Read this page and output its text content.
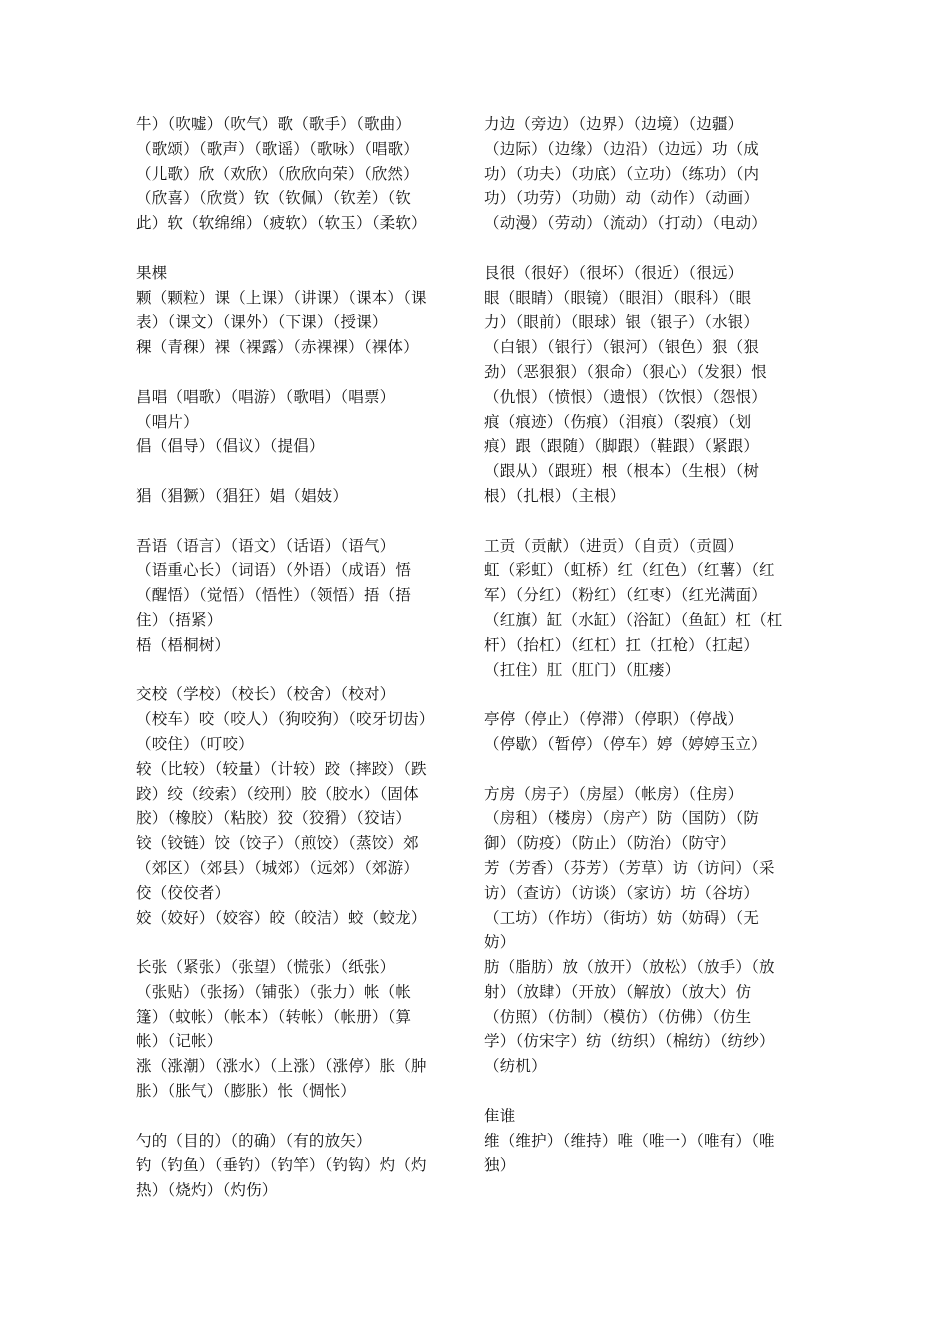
牛）（吹嘘）（吹气）歌（歌手）（歌曲）
（歌颂）（歌声）（歌谣）（歌咏）（唱歌）
（儿歌）欣（欢欣）（欣欣向荣）（欣然）
（欣喜）（欣赏）钦（钦佩）（钦差）（钦
此）软（软绵绵）（疲软）（软玉）（柔软）
果棵
颗（颗粒）课（上课）（讲课）（课本）（课
表）（课文）（课外）（下课）（授课）
稞（青稞）裸（裸露）（赤裸裸）（裸体）
昌唱（唱歌）（唱游）（歌唱）（唱票）
（唱片）
倡（倡导）（倡议）（提倡）
猖（猖獗）（猖狂）娼（娼妓）
吾语（语言）（语文）（话语）（语气）
（语重心长）（词语）（外语）（成语）悟
（醒悟）（觉悟）（悟性）（领悟）捂（捂
住）（捂紧）
梧（梧桐树）
交校（学校）（校长）（校舍）（校对）
（校车）咬（咬人）（狗咬狗）（咬牙切齿）
（咬住）（叮咬）
较（比较）（较量）（计较）跤（摔跤）（跌
跤）绞（绞索）（绞刑）胶（胶水）（固体
胶）（橡胶）（粘胶）狡（狡猾）（狡诘）
铰（铰链）饺（饺子）（煎饺）（蒸饺）郊
（郊区）（郊县）（城郊）（远郊）（郊游）
佼（佼佼者）
姣（姣好）（姣容）皎（皎洁）蛟（蛟龙）
长张（紧张）（张望）（慌张）（纸张）
（张贴）（张扬）（铺张）（张力）帐（帐
篷）（蚊帐）（帐本）（转帐）（帐册）（算
帐）（记帐）
涨（涨潮）（涨水）（上涨）（涨停）胀（肿
胀）（胀气）（膨胀）怅（惆怅）
勺的（目的）（的确）（有的放矢）
钓（钓鱼）（垂钓）（钓竿）（钓钩）灼（灼
热）（烧灼）（灼伤）
力边（旁边）（边界）（边境）（边疆）
（边际）（边缘）（边沿）（边远）功（成
功）（功夫）（功底）（立功）（练功）（内
功）（功劳）（功勋）动（动作）（动画）
（动漫）（劳动）（流动）（打动）（电动）
艮很（很好）（很坏）（很近）（很远）
眼（眼睛）（眼镜）（眼泪）（眼科）（眼
力）（眼前）（眼球）银（银子）（水银）
（白银）（银行）（银河）（银色）狠（狠
劲）（恶狠狠）（狠命）（狠心）（发狠）恨
（仇恨）（愤恨）（遗恨）（饮恨）（怨恨）
痕（痕迹）（伤痕）（泪痕）（裂痕）（划
痕）跟（跟随）（脚跟）（鞋跟）（紧跟）
（跟从）（跟班）根（根本）（生根）（树
根）（扎根）（主根）
工贡（贡献）（进贡）（自贡）（贡圆）
虹（彩虹）（虹桥）红（红色）（红薯）（红
军）（分红）（粉红）（红枣）（红光满面）
（红旗）缸（水缸）（浴缸）（鱼缸）杠（杠
杆）（抬杠）（红杠）扛（扛枪）（扛起）
（扛住）肛（肛门）（肛瘘）
亭停（停止）（停滞）（停职）（停战）
（停歇）（暂停）（停车）婷（婷婷玉立）
方房（房子）（房屋）（帐房）（住房）
（房租）（楼房）（房产）防（国防）（防
御）（防疫）（防止）（防治）（防守）
芳（芳香）（芬芳）（芳草）访（访问）（采
访）（查访）（访谈）（家访）坊（谷坊）
（工坊）（作坊）（街坊）妨（妨碍）（无
妨）
肪（脂肪）放（放开）（放松）（放手）（放
射）（放肆）（开放）（解放）（放大）仿
（仿照）（仿制）（模仿）（仿佛）（仿生
学）（仿宋字）纺（纺织）（棉纺）（纺纱）
（纺机）
隹谁
维（维护）（维持）唯（唯一）（唯有）（唯
独）
